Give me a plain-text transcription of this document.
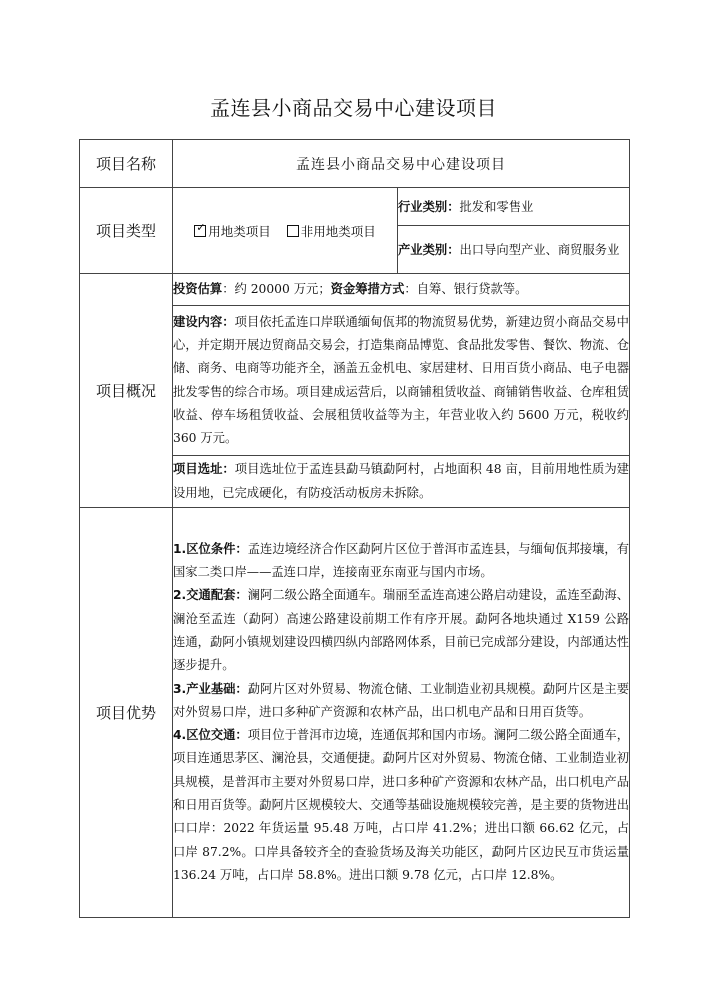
孟连县小商品交易中心建设项目
项目名称	孟连县小商品交易中心建设项目	
项目类型	✓ 用地类项目 非用地类项目	行业类别：批发和零售业
		产业类别：出口导向型产业、商贸服务业
项目概况	投资估算：约 20000 万元；资金筹措方式：自筹、银行贷款等。	
	建设内容：项目依托孟连口岸联通缅甸佤邦的物流贸易优势，新建边贸小商品交易中心，并定期开展边贸商品交易会，打造集商品博览、食品批发零售、餐饮、物流、仓储、商务、电商等功能齐全，涵盖五金机电、家居建材、日用百货小商品、电子电器批发零售的综合市场。项目建成运营后，以商铺租赁收益、商铺销售收益、仓库租赁收益、停车场租赁收益、会展租赁收益等为主，年营业收入约 5600 万元，税收约 360 万元。	
	项目选址：项目选址位于孟连县勐马镇勐阿村，占地面积 48 亩，目前用地性质为建设用地，已完成硬化，有防疫活动板房未拆除。	
项目优势	1.区位条件：孟连边境经济合作区勐阿片区位于普洱市孟连县，与缅甸佤邦接壤，有国家二类口岸——孟连口岸，连接南亚东南亚与国内市场。
2.交通配套：澜阿二级公路全面通车。瑞丽至孟连高速公路启动建设，孟连至勐海、澜沧至孟连（勐阿）高速公路建设前期工作有序开展。勐阿各地块通过 X159 公路连通，勐阿小镇规划建设四横四纵内部路网体系，目前已完成部分建设，内部通达性逐步提升。
3.产业基础：勐阿片区对外贸易、物流仓储、工业制造业初具规模。勐阿片区是主要对外贸易口岸，进口多种矿产资源和农林产品，出口机电产品和日用百货等。
4.区位交通：项目位于普洱市边境，连通佤邦和国内市场。澜阿二级公路全面通车，项目连通思茅区、澜沧县，交通便捷。勐阿片区对外贸易、物流仓储、工业制造业初具规模，是普洱市主要对外贸易口岸，进口多种矿产资源和农林产品，出口机电产品和日用百货等。勐阿片区规模较大、交通等基础设施规模较完善，是主要的货物进出口口岸：2022 年货运量 95.48 万吨，占口岸 41.2%；进出口额 66.62 亿元，占口岸 87.2%。口岸具备较齐全的查验货场及海关功能区，勐阿片区边民互市货运量 136.24 万吨，占口岸 58.8%。进出口额 9.78 亿元，占口岸 12.8%。	
